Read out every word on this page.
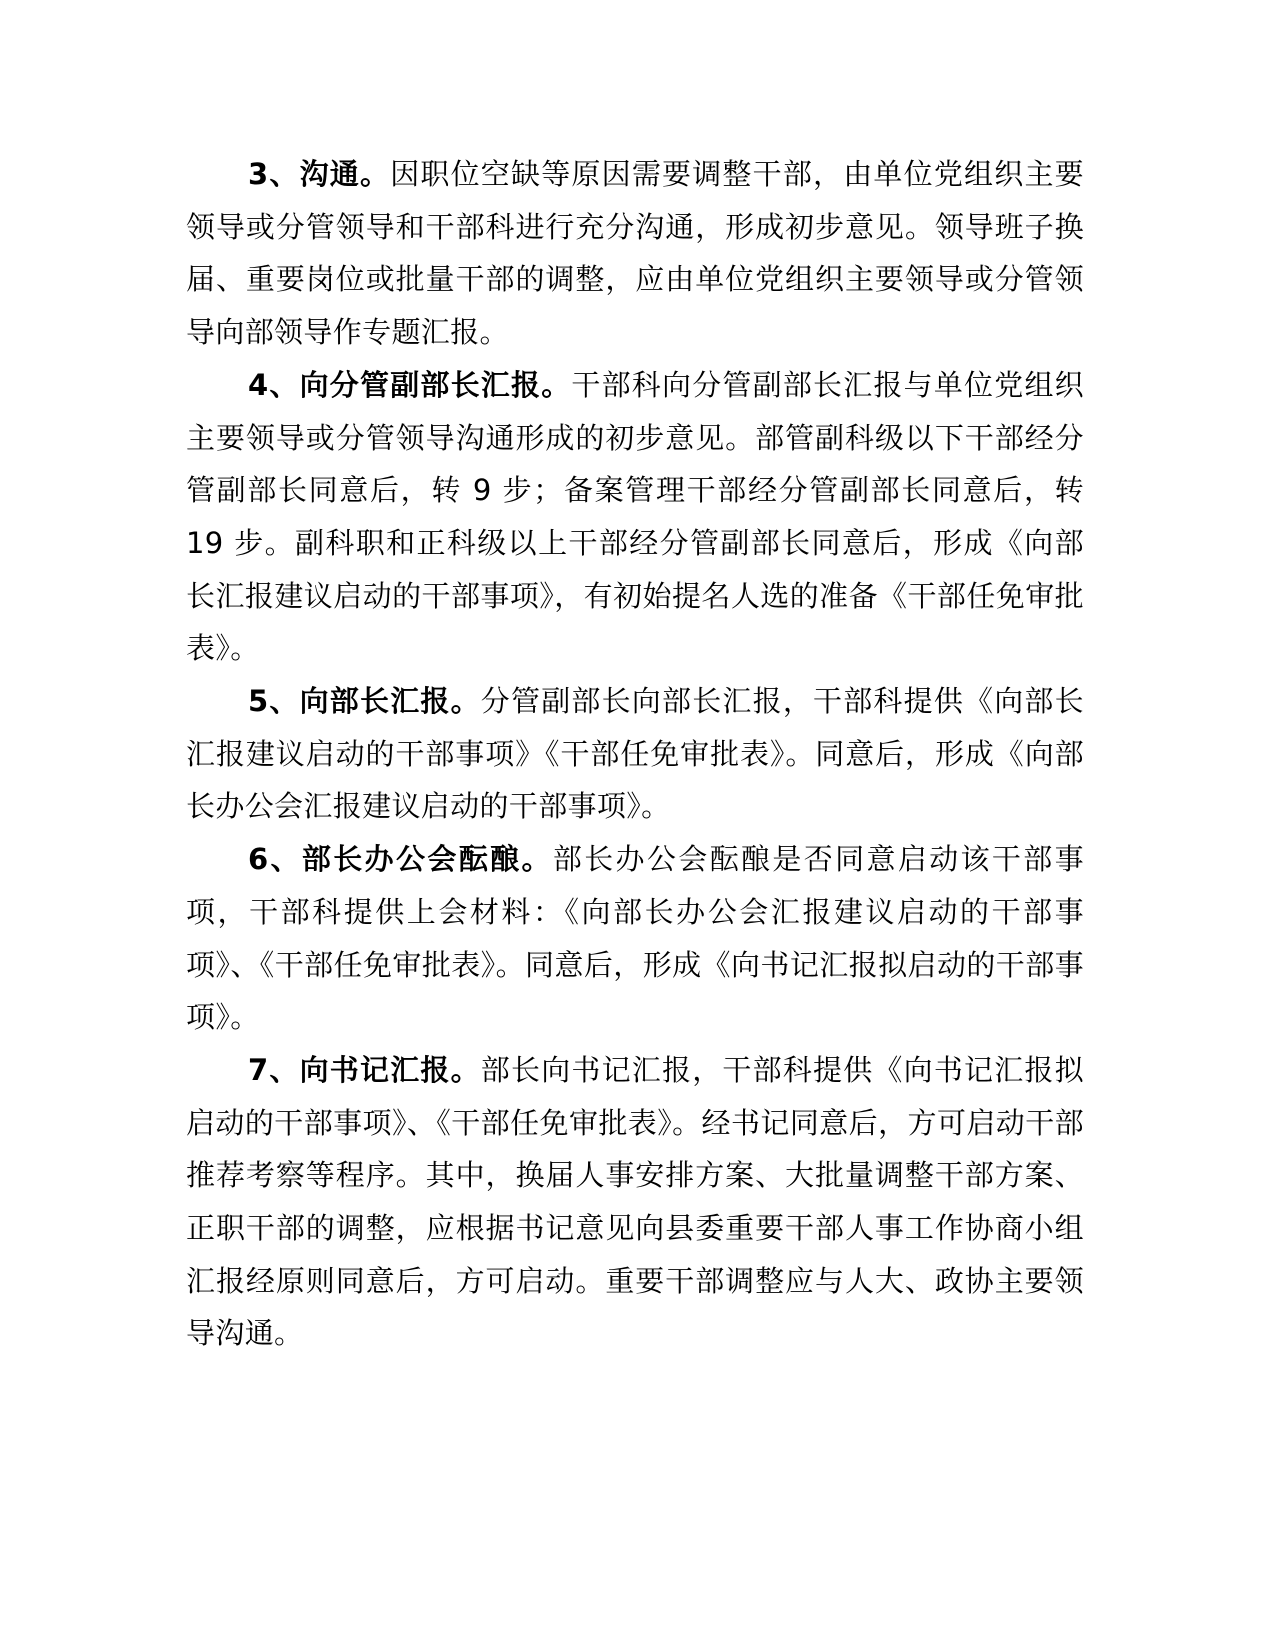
3、沟通。因职位空缺等原因需要调整干部，由单位党组织主要领导或分管领导和干部科进行充分沟通，形成初步意见。领导班子换届、重要岗位或批量干部的调整，应由单位党组织主要领导或分管领导向部领导作专题汇报。

4、向分管副部长汇报。干部科向分管副部长汇报与单位党组织主要领导或分管领导沟通形成的初步意见。部管副科级以下干部经分管副部长同意后，转 9 步；备案管理干部经分管副部长同意后，转 19 步。副科职和正科级以上干部经分管副部长同意后，形成《向部长汇报建议启动的干部事项》，有初始提名人选的准备《干部任免审批表》。

5、向部长汇报。分管副部长向部长汇报，干部科提供《向部长汇报建议启动的干部事项》《干部任免审批表》。同意后，形成《向部长办公会汇报建议启动的干部事项》。

6、部长办公会酝酿。部长办公会酝酿是否同意启动该干部事项，干部科提供上会材料：《向部长办公会汇报建议启动的干部事项》、《干部任免审批表》。同意后，形成《向书记汇报拟启动的干部事项》。

7、向书记汇报。部长向书记汇报，干部科提供《向书记汇报拟启动的干部事项》、《干部任免审批表》。经书记同意后，方可启动干部推荐考察等程序。其中，换届人事安排方案、大批量调整干部方案、正职干部的调整，应根据书记意见向县委重要干部人事工作协商小组汇报经原则同意后，方可启动。重要干部调整应与人大、政协主要领导沟通。
